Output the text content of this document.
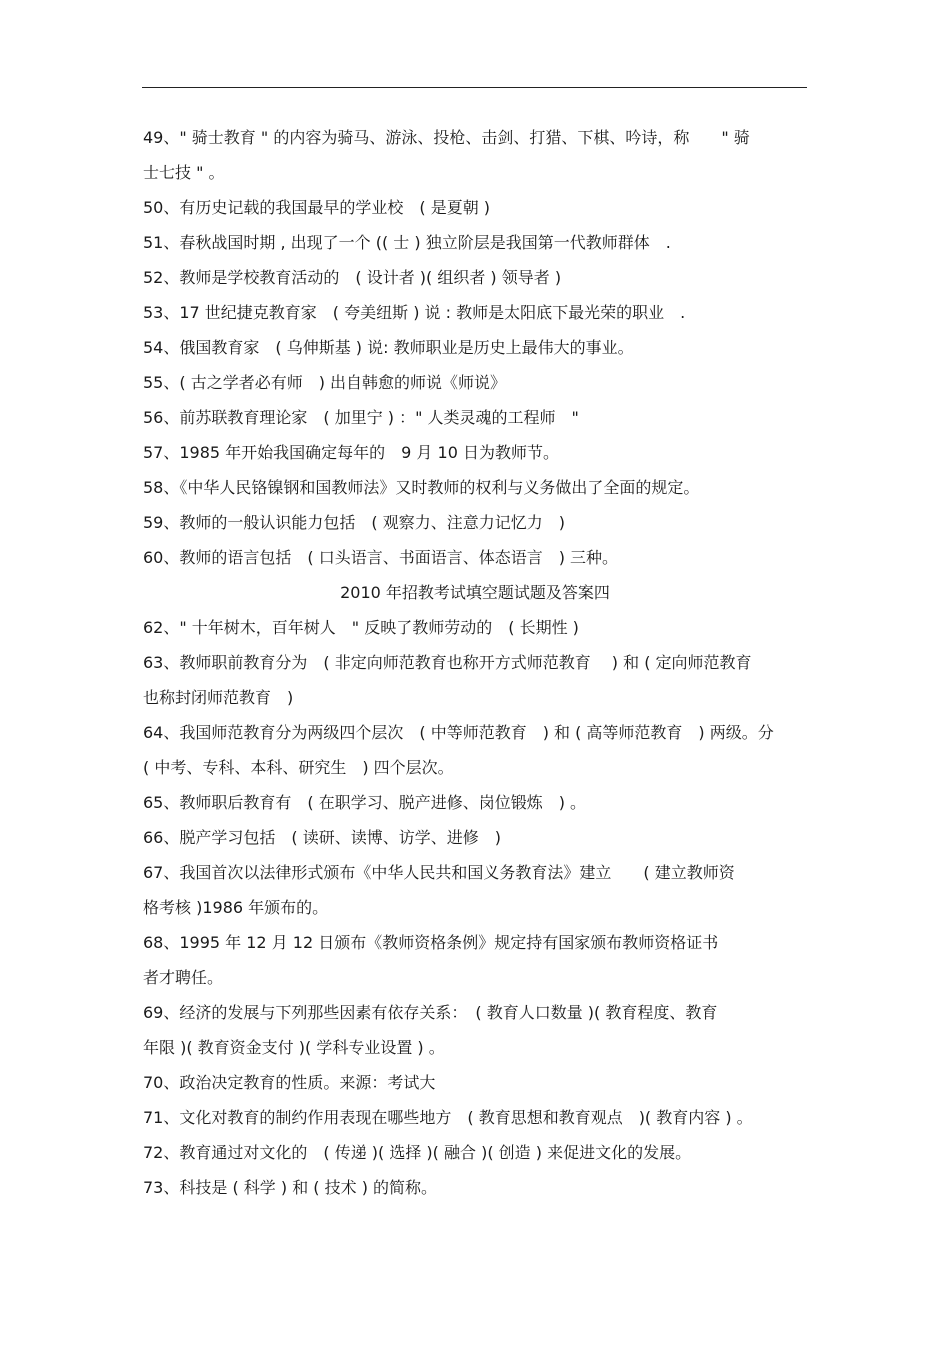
49、" 骑士教育 " 的内容为骑马、游泳、投枪、击剑、打猎、下棋、吟诗，称　　" 骑
士七技 " 。
50、有历史记载的我国最早的学业校　( 是夏朝 )
51、春秋战国时期 , 出现了一个 (( 士 ) 独立阶层是我国第一代教师群体　.
52、教师是学校教育活动的　( 设计者 )( 组织者 ) 领导者 )
53、17 世纪捷克教育家　( 夸美纽斯 ) 说 : 教师是太阳底下最光荣的职业　.
54、俄国教育家　( 乌伸斯基 ) 说: 教师职业是历史上最伟大的事业。
55、( 古之学者必有师　) 出自韩愈的师说《师说》
56、前苏联教育理论家　( 加里宁 ) ：" 人类灵魂的工程师　"
57、1985 年开始我国确定每年的　9 月 10 日为教师节。
58、《中华人民铬镍钢和国教师法》又时教师的权利与义务做出了全面的规定。
59、教师的一般认识能力包括　( 观察力、注意力记忆力　)
60、教师的语言包括　( 口头语言、书面语言、体态语言　) 三种。
2010 年招教考试填空题试题及答案四
62、" 十年树木，百年树人　" 反映了教师劳动的　( 长期性 )
63、教师职前教育分为　( 非定向师范教育也称开方式师范教育　 ) 和 ( 定向师范教育
也称封闭师范教育　)
64、我国师范教育分为两级四个层次　( 中等师范教育　) 和 ( 高等师范教育　) 两级。分
( 中考、专科、本科、研究生　) 四个层次。
65、教师职后教育有　( 在职学习、脱产进修、岗位锻炼　) 。
66、脱产学习包括　( 读研、读博、访学、进修　)
67、我国首次以法律形式颁布《中华人民共和国义务教育法》建立　　( 建立教师资
格考核 )1986 年颁布的。
68、1995 年 12 月 12 日颁布《教师资格条例》规定持有国家颁布教师资格证书
者才聘任。
69、经济的发展与下列那些因素有依存关系：　( 教育人口数量 )( 教育程度、教育
年限 )( 教育资金支付 )( 学科专业设置 ) 。
70、政治决定教育的性质。来源：考试大
71、文化对教育的制约作用表现在哪些地方　( 教育思想和教育观点　)( 教育内容 ) 。
72、教育通过对文化的　( 传递 )( 选择 )( 融合 )( 创造 ) 来促进文化的发展。
73、科技是 ( 科学 ) 和 ( 技术 ) 的简称。
